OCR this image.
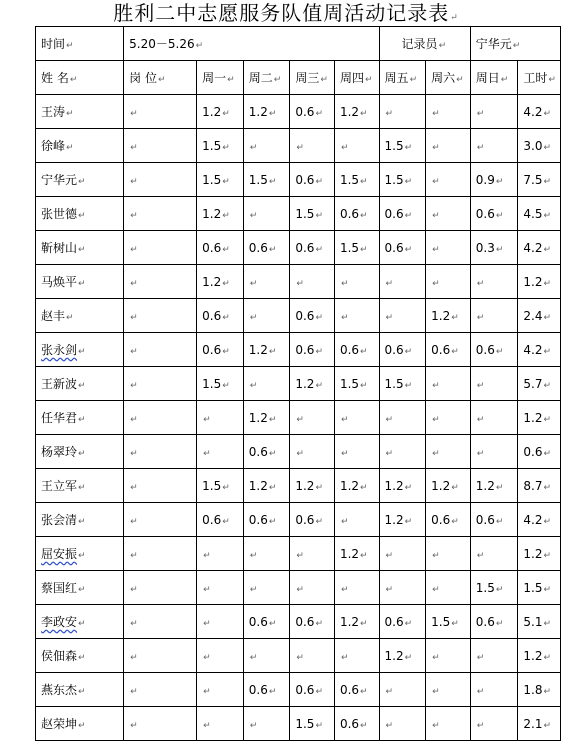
胜利二中志愿服务队值周活动记录表↵
时间↵	5.20－5.26↵					记录员↵		宁华元↵	
姓 名↵	岗 位↵	周一↵	周二↵	周三↵	周四↵	周五↵	周六↵	周日↵	工时↵
王涛↵	↵	1.2↵	1.2↵	0.6↵	1.2↵	↵	↵	↵	4.2↵
徐峰↵	↵	1.5↵	↵	↵	↵	1.5↵	↵	↵	3.0↵
宁华元↵	↵	1.5↵	1.5↵	0.6↵	1.5↵	1.5↵	↵	0.9↵	7.5↵
张世德↵	↵	1.2↵	↵	1.5↵	0.6↵	0.6↵	↵	0.6↵	4.5↵
靳树山↵	↵	0.6↵	0.6↵	0.6↵	1.5↵	0.6↵	↵	0.3↵	4.2↵
马焕平↵	↵	1.2↵	↵	↵	↵	↵	↵	↵	1.2↵
赵丰↵	↵	0.6↵	↵	0.6↵	↵	↵	1.2↵	↵	2.4↵
张永剑↵	↵	0.6↵	1.2↵	0.6↵	0.6↵	0.6↵	0.6↵	0.6↵	4.2↵
王新波↵	↵	1.5↵	↵	1.2↵	1.5↵	1.5↵	↵	↵	5.7↵
任华君↵	↵	↵	1.2↵	↵	↵	↵	↵	↵	1.2↵
杨翠玲↵	↵	↵	0.6↵	↵	↵	↵	↵	↵	0.6↵
王立军↵	↵	1.5↵	1.2↵	1.2↵	1.2↵	1.2↵	1.2↵	1.2↵	8.7↵
张会清↵	↵	0.6↵	0.6↵	0.6↵	↵	1.2↵	0.6↵	0.6↵	4.2↵
屈安振↵	↵	↵	↵	↵	1.2↵	↵	↵	↵	1.2↵
蔡国红↵	↵	↵	↵	↵	↵	↵	↵	1.5↵	1.5↵
李政安↵	↵	↵	0.6↵	0.6↵	1.2↵	0.6↵	1.5↵	0.6↵	5.1↵
侯佃森↵	↵	↵	↵	↵	↵	1.2↵	↵	↵	1.2↵
燕东杰↵	↵	↵	0.6↵	0.6↵	0.6↵	↵	↵	↵	1.8↵
赵荣坤↵	↵	↵	↵	1.5↵	0.6↵	↵	↵	↵	2.1↵
